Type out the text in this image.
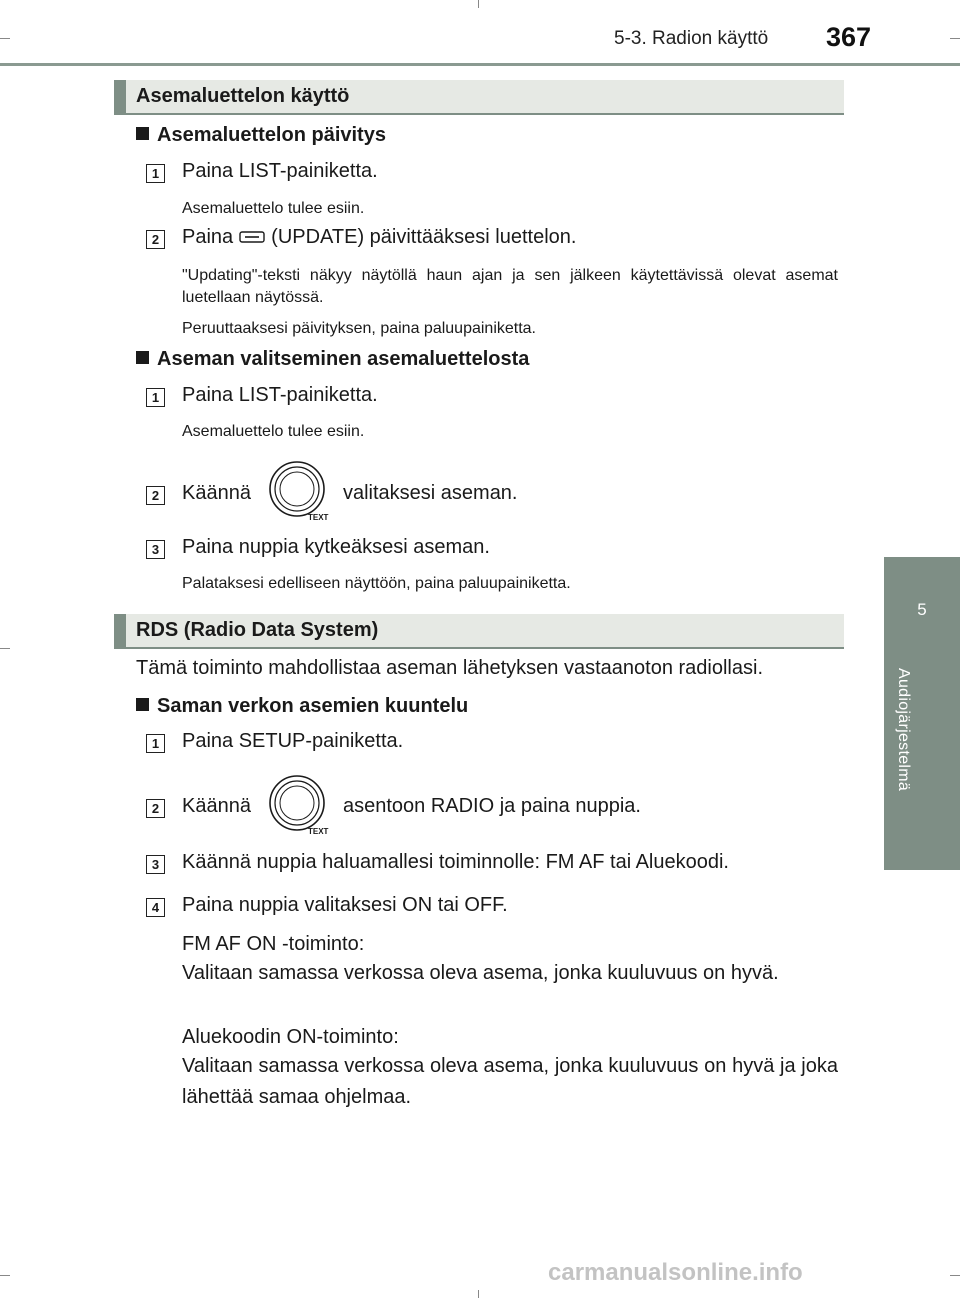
5-3. Radion käyttö 367
5
Audiojärjestelmä
Asemaluettelon käyttö
Asemaluettelon päivitys
1 Paina LIST-painiketta.
Asemaluettelo tulee esiin.
2 Paina (UPDATE) päivittääksesi luettelon.
"Updating"-teksti näkyy näytöllä haun ajan ja sen jälkeen käytettävissä olevat asemat luetellaan näytössä.
Peruuttaaksesi päivityksen, paina paluupainiketta.
Aseman valitseminen asemaluettelosta
1 Paina LIST-painiketta.
Asemaluettelo tulee esiin.
2 Käännä	valitaksesi aseman.
TEXT
3 Paina nuppia kytkeäksesi aseman.
Palataksesi edelliseen näyttöön, paina paluupainiketta.
RDS (Radio Data System)
Tämä toiminto mahdollistaa aseman lähetyksen vastaanoton radiollasi.
Saman verkon asemien kuuntelu
1 Paina SETUP-painiketta.
2 Käännä	asentoon RADIO ja paina nuppia.
TEXT
3 Käännä nuppia haluamallesi toiminnolle: FM AF tai Aluekoodi.
4 Paina nuppia valitaksesi ON tai OFF.
FM AF ON -toiminto:
Valitaan samassa verkossa oleva asema, jonka kuuluvuus on hyvä.
Aluekoodin ON-toiminto:
Valitaan samassa verkossa oleva asema, jonka kuuluvuus on hyvä ja joka lähettää samaa ohjelmaa.
carmanualsonline.info
